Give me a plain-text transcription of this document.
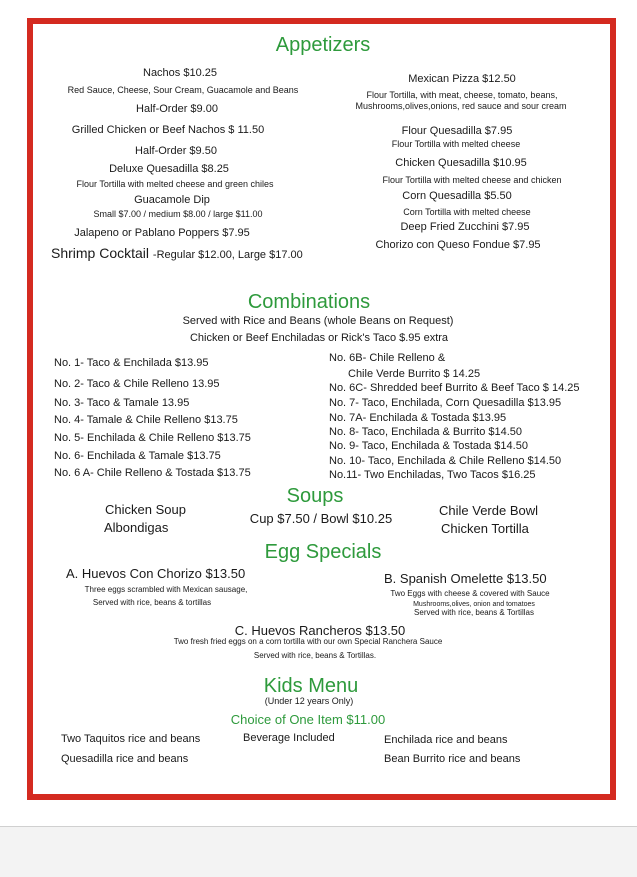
Appetizers
Nachos $10.25
Red Sauce, Cheese, Sour Cream, Guacamole and Beans
Half-Order $9.00
Grilled Chicken or Beef Nachos $ 11.50
Half-Order $9.50
Deluxe Quesadilla $8.25
Flour Tortilla with melted cheese and green chiles
Guacamole Dip
Small $7.00 / medium $8.00 / large $11.00
Jalapeno or Pablano Poppers $7.95
Shrimp Cocktail -Regular $12.00, Large $17.00
Mexican Pizza $12.50
Flour Tortilla, with meat, cheese, tomato, beans,
Mushrooms,olives,onions, red sauce and sour cream
Flour Quesadilla $7.95
Flour Tortilla with melted cheese
Chicken Quesadilla $10.95
Flour Tortilla with melted cheese and chicken
Corn Quesadilla $5.50
Corn Tortilla with melted cheese
Deep Fried Zucchini $7.95
Chorizo con Queso Fondue $7.95
Combinations
Served with Rice and Beans (whole Beans on Request)
Chicken or Beef Enchiladas or Rick's Taco $.95 extra
No. 1- Taco & Enchilada $13.95
No. 2- Taco & Chile Relleno 13.95
No. 3- Taco & Tamale 13.95
No. 4- Tamale & Chile Relleno $13.75
No. 5- Enchilada & Chile Relleno $13.75
No. 6- Enchilada & Tamale $13.75
No. 6 A- Chile Relleno & Tostada $13.75
No. 6B- Chile Relleno &
Chile Verde Burrito $ 14.25
No. 6C- Shredded beef Burrito & Beef Taco $ 14.25
No. 7- Taco, Enchilada, Corn Quesadilla $13.95
No. 7A- Enchilada & Tostada $13.95
No. 8- Taco, Enchilada & Burrito $14.50
No. 9- Taco, Enchilada & Tostada $14.50
No. 10- Taco, Enchilada & Chile Relleno $14.50
No.11- Two Enchiladas, Two Tacos $16.25
Soups
Chicken Soup
Albondigas
Cup $7.50 / Bowl $10.25
Chile Verde Bowl
Chicken Tortilla
Egg Specials
A. Huevos Con Chorizo $13.50
Three eggs scrambled with Mexican sausage,
Served with rice, beans & tortillas
B. Spanish Omelette $13.50
Two Eggs with cheese & covered with Sauce
Mushrooms,olives, onion and tomatoes
Served with rice, beans & Tortillas
C. Huevos Rancheros $13.50
Two fresh fried eggs on a corn tortilla with our own Special Ranchera Sauce
Served with rice, beans & Tortillas.
Kids Menu
(Under 12 years Only)
Choice of One Item $11.00
Two Taquitos rice and beans
Quesadilla rice and beans
Beverage Included	Enchilada rice and beans
Bean Burrito rice and beans
